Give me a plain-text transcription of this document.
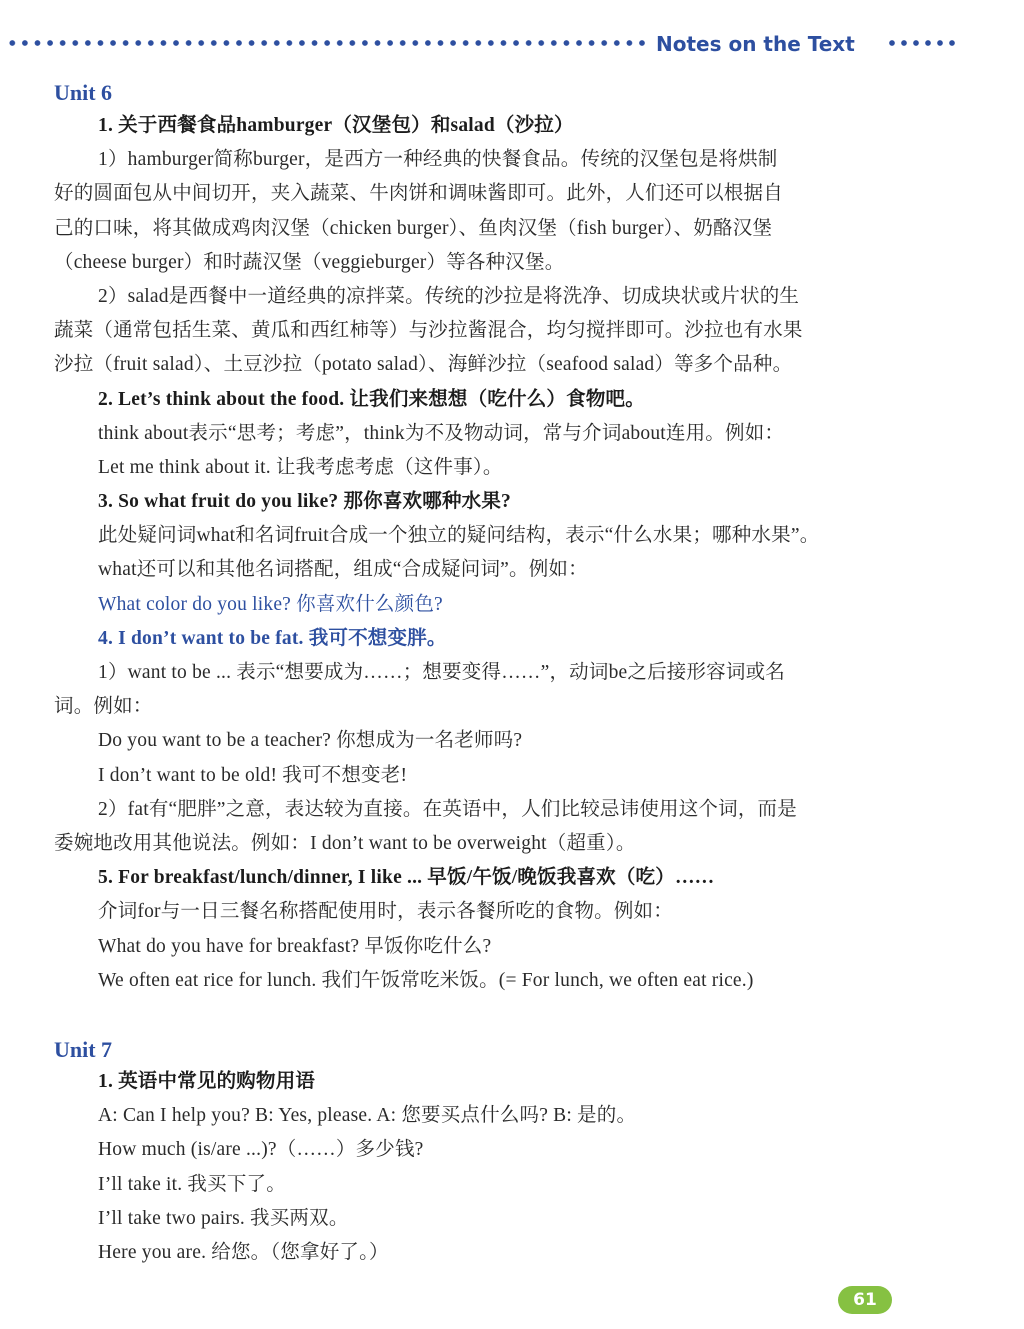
Notes on the Text
Unit 6
1. 关于西餐食品hamburger（汉堡包）和salad（沙拉）
1）hamburger简称burger，是西方一种经典的快餐食品。传统的汉堡包是将烘制
好的圆面包从中间切开，夹入蔬菜、牛肉饼和调味酱即可。此外，人们还可以根据自
己的口味，将其做成鸡肉汉堡（chicken burger）、鱼肉汉堡（fish burger）、奶酪汉堡
（cheese burger）和时蔬汉堡（veggieburger）等各种汉堡。
2）salad是西餐中一道经典的凉拌菜。传统的沙拉是将洗净、切成块状或片状的生
蔬菜（通常包括生菜、黄瓜和西红柿等）与沙拉酱混合，均匀搅拌即可。沙拉也有水果
沙拉（fruit salad）、土豆沙拉（potato salad）、海鲜沙拉（seafood salad）等多个品种。
2. Let’s think about the food. 让我们来想想（吃什么）食物吧。
think about表示“思考；考虑”，think为不及物动词，常与介词about连用。例如：
Let me think about it. 让我考虑考虑（这件事）。
3. So what fruit do you like? 那你喜欢哪种水果?
此处疑问词what和名词fruit合成一个独立的疑问结构，表示“什么水果；哪种水果”。
what还可以和其他名词搭配，组成“合成疑问词”。例如：
What color do you like? 你喜欢什么颜色?
4. I don’t want to be fat. 我可不想变胖。
1）want to be ... 表示“想要成为……；想要变得……”，动词be之后接形容词或名
词。例如：
Do you want to be a teacher? 你想成为一名老师吗?
I don’t want to be old! 我可不想变老!
2）fat有“肥胖”之意，表达较为直接。在英语中，人们比较忌讳使用这个词，而是
委婉地改用其他说法。例如：I don’t want to be overweight（超重）。
5. For breakfast/lunch/dinner, I like ... 早饭/午饭/晚饭我喜欢（吃）……
介词for与一日三餐名称搭配使用时，表示各餐所吃的食物。例如：
What do you have for breakfast? 早饭你吃什么?
We often eat rice for lunch. 我们午饭常吃米饭。(= For lunch, we often eat rice.)
Unit 7
1. 英语中常见的购物用语
A: Can I help you? B: Yes, please. A: 您要买点什么吗? B: 是的。
How much (is/are ...)?（……）多少钱?
I’ll take it. 我买下了。
I’ll take two pairs. 我买两双。
Here you are. 给您。（您拿好了。）
61
